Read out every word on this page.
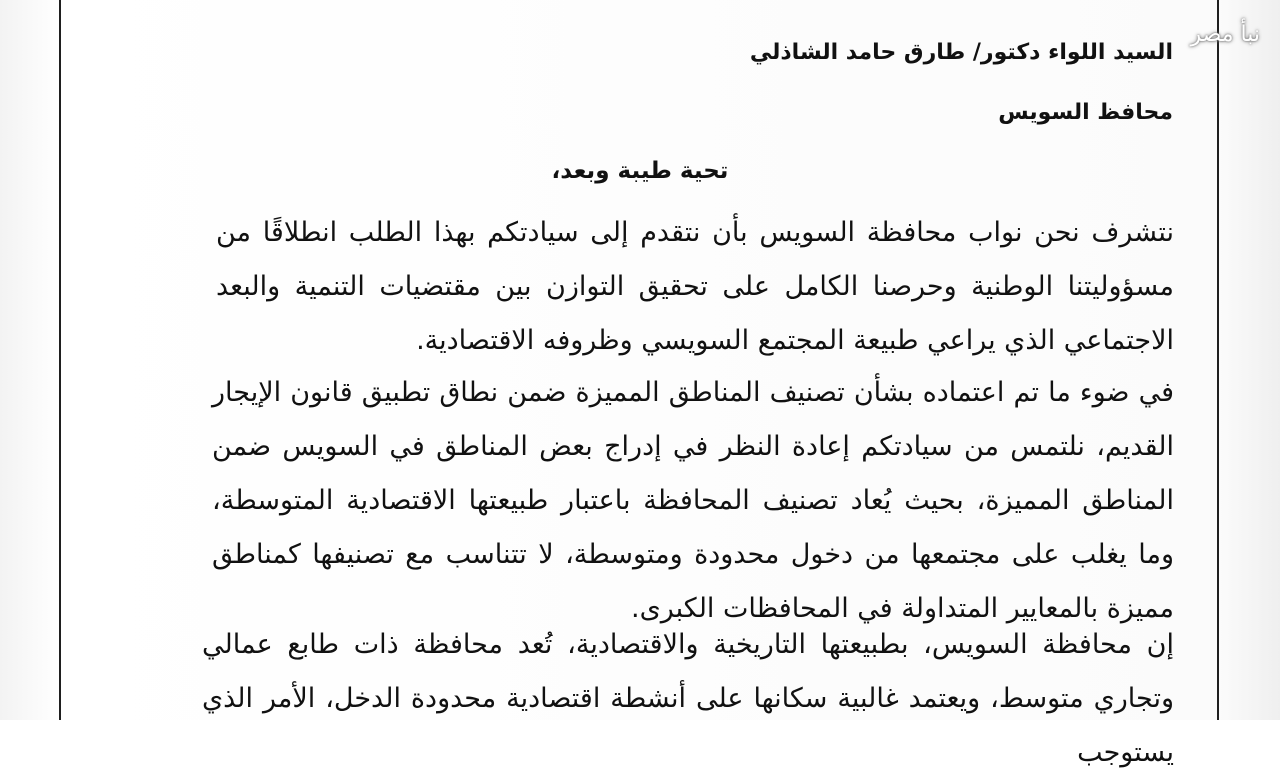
نبأ مصر
السيد اللواء دكتور/ طارق حامد الشاذلي
محافظ السويس
تحية طيبة وبعد،
نتشرف نحن نواب محافظة السويس بأن نتقدم إلى سيادتكم بهذا الطلب انطلاقًا من مسؤوليتنا الوطنية وحرصنا الكامل على تحقيق التوازن بين مقتضيات التنمية والبعد الاجتماعي الذي يراعي طبيعة المجتمع السويسي وظروفه الاقتصادية.
في ضوء ما تم اعتماده بشأن تصنيف المناطق المميزة ضمن نطاق تطبيق قانون الإيجار القديم، نلتمس من سيادتكم إعادة النظر في إدراج بعض المناطق في السويس ضمن المناطق المميزة، بحيث يُعاد تصنيف المحافظة باعتبار طبيعتها الاقتصادية المتوسطة، وما يغلب على مجتمعها من دخول محدودة ومتوسطة، لا تتناسب مع تصنيفها كمناطق مميزة بالمعايير المتداولة في المحافظات الكبرى.
إن محافظة السويس، بطبيعتها التاريخية والاقتصادية، تُعد محافظة ذات طابع عمالي وتجاري متوسط، ويعتمد غالبية سكانها على أنشطة اقتصادية محدودة الدخل، الأمر الذي يستوجب
